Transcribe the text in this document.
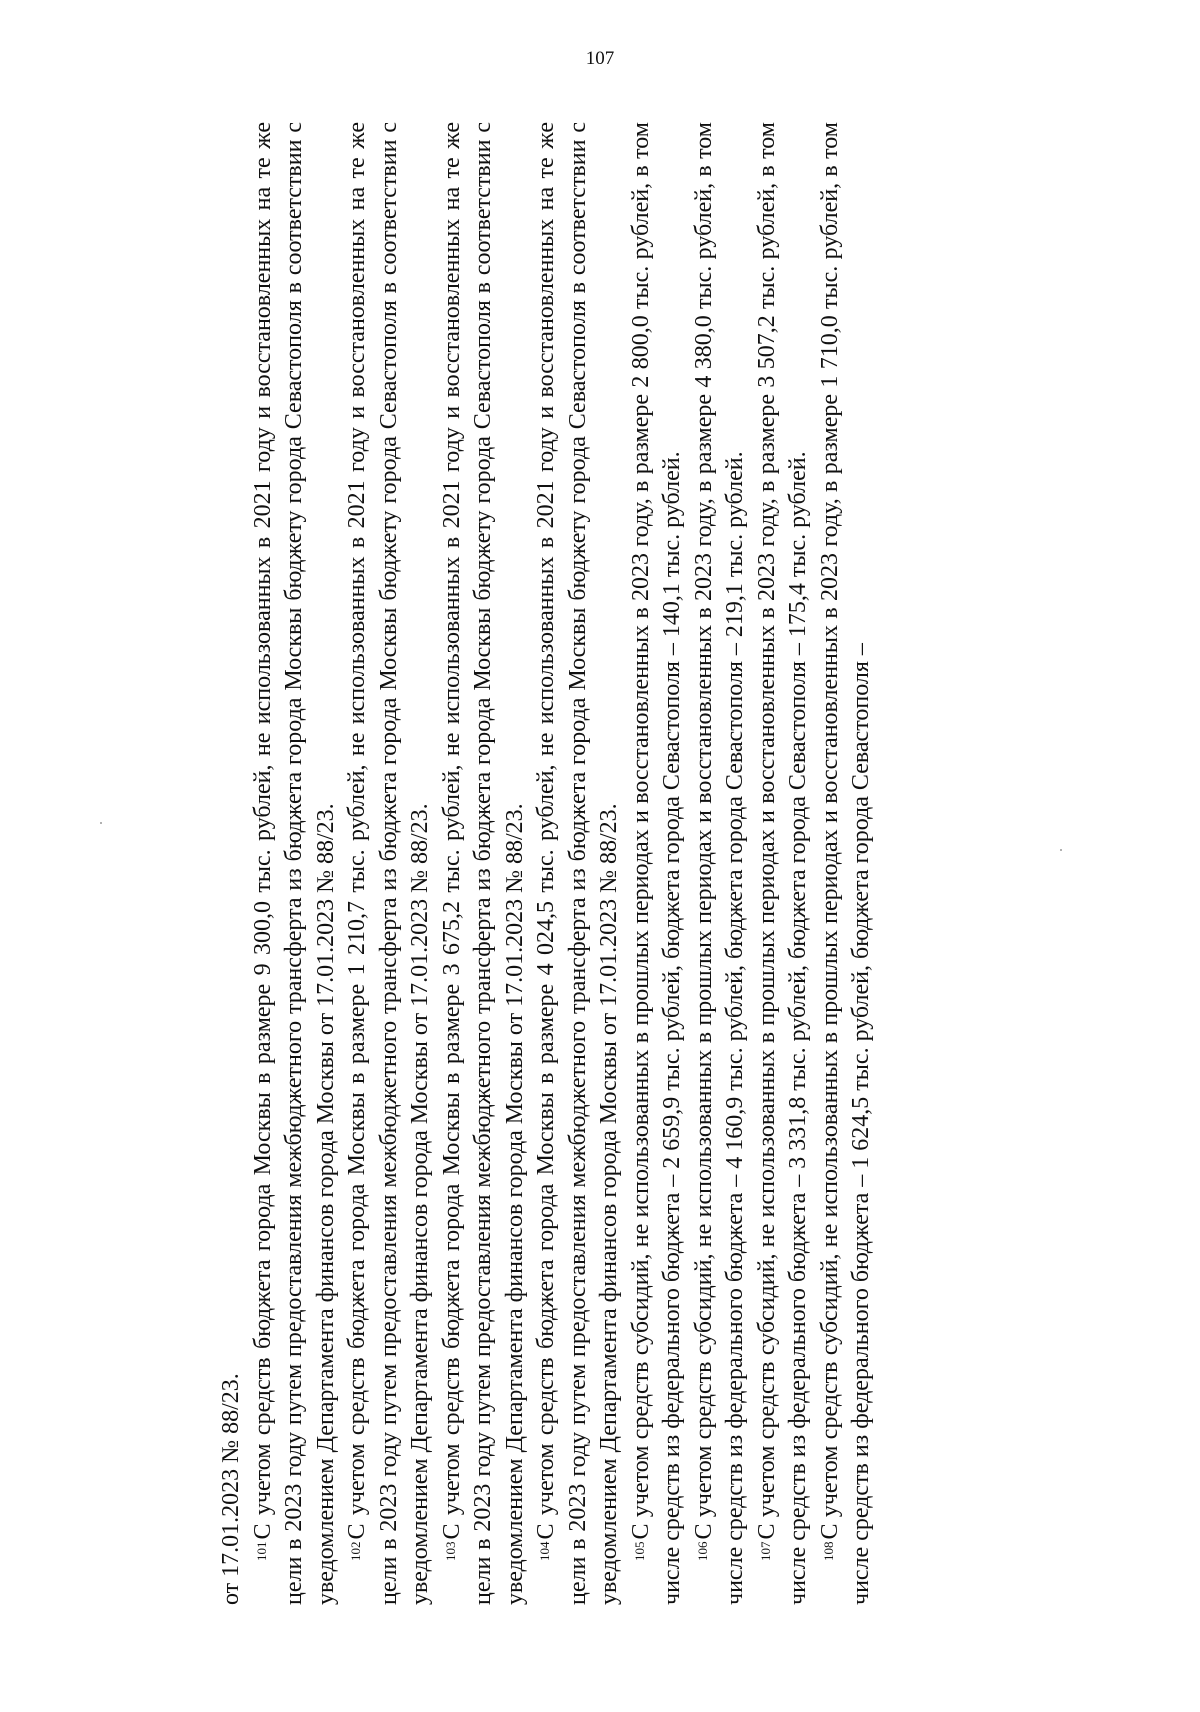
107

от 17.01.2023 № 88/23. $^{101}$С учетом средств бюджета города Москвы в размере 9 300,0 тыс. рублей, не использованных в 2021 году и восстановленных на те же цели в 2023 году путем предоставления межбюджетного трансферта из бюджета города Москвы бюджету города Севастополя в соответствии с уведомлением Департамента финансов города Москвы от 17.01.2023 № 88/23. $^{102}$С учетом средств бюджета города Москвы в размере 1 210,7 тыс. рублей, не использованных в 2021 году и восстановленных на те же цели в 2023 году путем предоставления межбюджетного трансферта из бюджета города Москвы бюджету города Севастополя в соответствии с уведомлением Департамента финансов города Москвы от 17.01.2023 № 88/23. $^{103}$С учетом средств бюджета города Москвы в размере 3 675,2 тыс. рублей, не использованных в 2021 году и восстановленных на те же цели в 2023 году путем предоставления межбюджетного трансферта из бюджета города Москвы бюджету города Севастополя в соответствии с уведомлением Департамента финансов города Москвы от 17.01.2023 № 88/23. $^{104}$С учетом средств бюджета города Москвы в размере 4 024,5 тыс. рублей, не использованных в 2021 году и восстановленных на те же цели в 2023 году путем предоставления межбюджетного трансферта из бюджета города Москвы бюджету города Севастополя в соответствии с уведомлением Департамента финансов города Москвы от 17.01.2023 № 88/23. $^{105}$С учетом средств субсидий, не использованных в прошлых периодах и восстановленных в 2023 году, в размере 2 800,0 тыс. рублей, в том числе средств из федерального бюджета – 2 659,9 тыс. рублей, бюджета города Севастополя – 140,1 тыс. рублей. $^{106}$С учетом средств субсидий, не использованных в прошлых периодах и восстановленных в 2023 году, в размере 4 380,0 тыс. рублей, в том числе средств из федерального бюджета – 4 160,9 тыс. рублей, бюджета города Севастополя – 219,1 тыс. рублей. $^{107}$С учетом средств субсидий, не использованных в прошлых периодах и восстановленных в 2023 году, в размере 3 507,2 тыс. рублей, в том числе средств из федерального бюджета – 3 331,8 тыс. рублей, бюджета города Севастополя – 175,4 тыс. рублей. $^{108}$С учетом средств субсидий, не использованных в прошлых периодах и восстановленных в 2023 году, в размере 1 710,0 тыс. рублей, в том числе средств из федерального бюджета – 1 624,5 тыс. рублей, бюджета города Севастополя –
